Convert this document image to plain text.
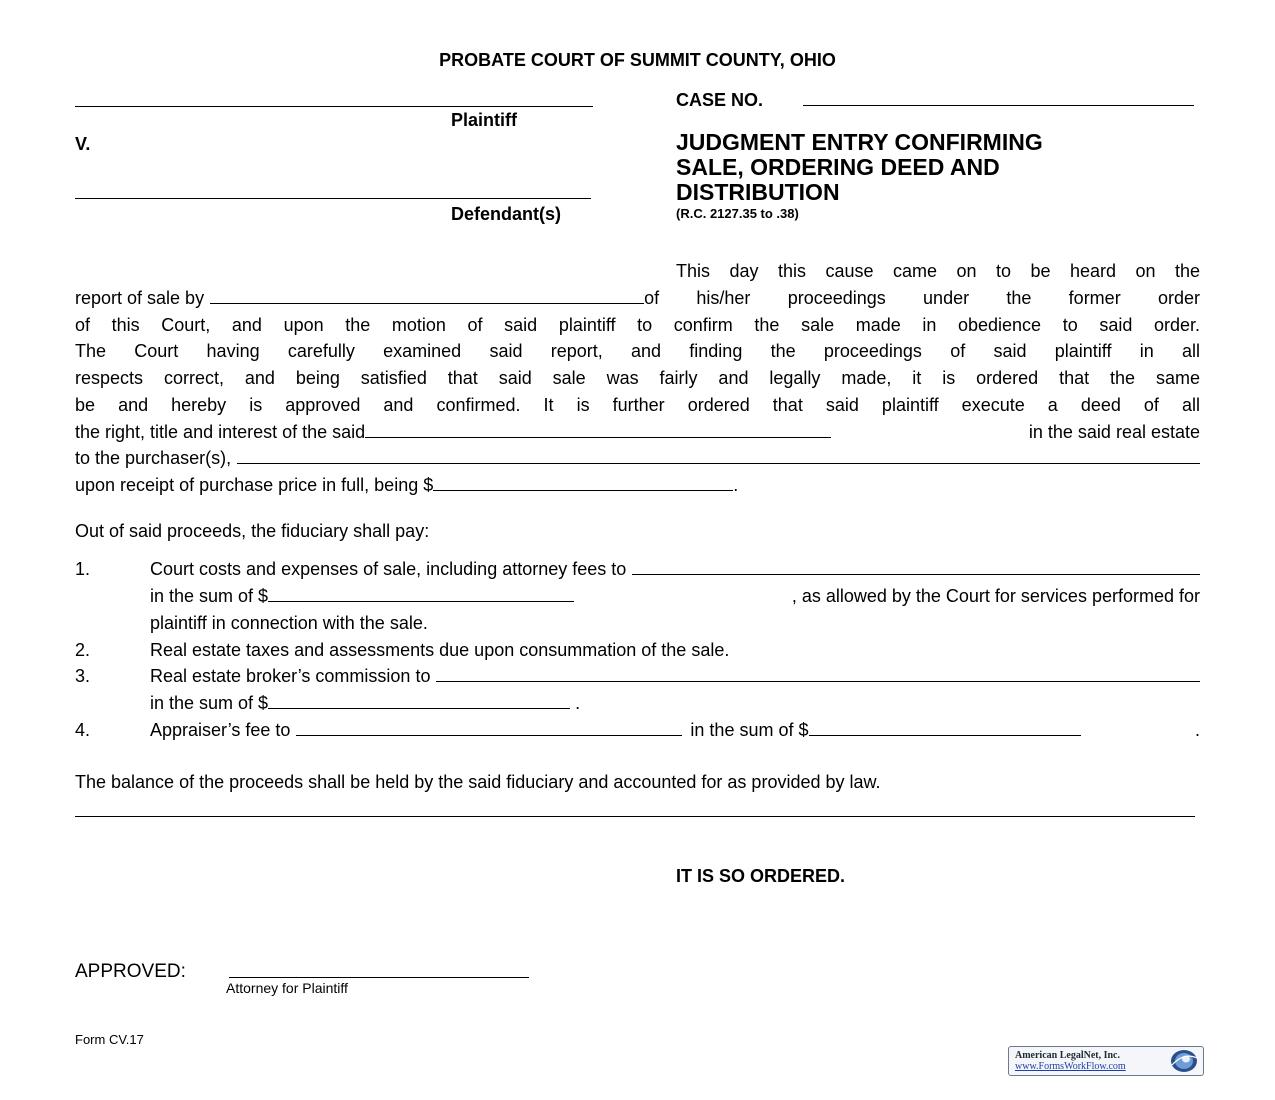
PROBATE COURT OF SUMMIT COUNTY, OHIO
Plaintiff
V.
Defendant(s)
CASE NO.
JUDGMENT ENTRY CONFIRMING
SALE, ORDERING DEED AND
DISTRIBUTION
(R.C. 2127.35 to .38)
This day this cause came on to be heard on the
report of sale by	of his/her proceedings under the former order
of this Court, and upon the motion of said plaintiff to confirm the sale made in obedience to said order.
The Court having carefully examined said report, and finding the proceedings of said plaintiff in all
respects correct, and being satisfied that said sale was fairly and legally made, it is ordered that the same
be and hereby is approved and confirmed. It is further ordered that said plaintiff execute a deed of all
the right, title and interest of the said	in the said real estate
to the purchaser(s),
upon receipt of purchase price in full, being $	.
Out of said proceeds, the fiduciary shall pay:
1.	Court costs and expenses of sale, including attorney fees to
in the sum of $	, as allowed by the Court for services performed for
plaintiff in connection with the sale.
2.	Real estate taxes and assessments due upon consummation of the sale.
3.	Real estate broker’s commission to
in the sum of $	.
4.	Appraiser’s fee to	in the sum of $	.
The balance of the proceeds shall be held by the said fiduciary and accounted for as provided by law.
IT IS SO ORDERED.
APPROVED:
Attorney for Plaintiff
Form CV.17
American LegalNet, Inc.
www.FormsWorkFlow.com
